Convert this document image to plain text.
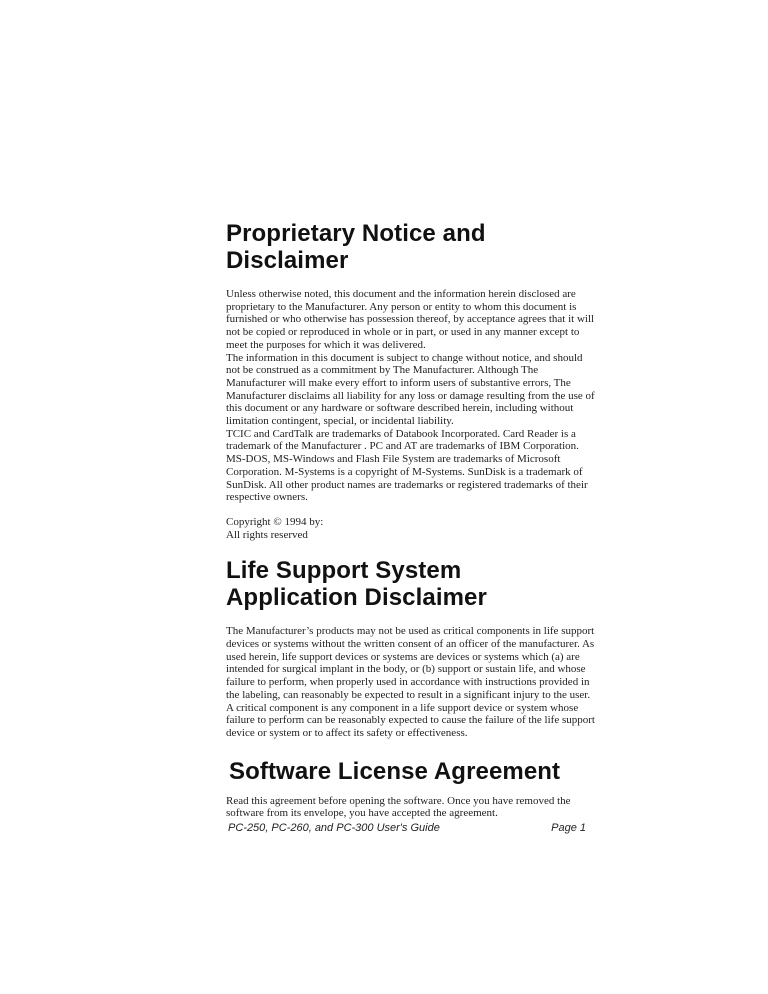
Proprietary Notice and Disclaimer

Unless otherwise noted, this document and the information herein disclosed are proprietary to the Manufacturer. Any person or entity to whom this document is furnished or who otherwise has possession thereof, by acceptance agrees that it will not be copied or reproduced in whole or in part, or used in any manner except to meet the purposes for which it was delivered.

The information in this document is subject to change without notice, and should not be construed as a commitment by The Manufacturer. Although The Manufacturer will make every effort to inform users of substantive errors, The Manufacturer disclaims all liability for any loss or damage resulting from the use of this document or any hardware or software described herein, including without limitation contingent, special, or incidental liability.

TCIC and CardTalk are trademarks of Databook Incorporated. Card Reader is a trademark of the Manufacturer . PC and AT are trademarks of IBM Corporation. MS-DOS, MS-Windows and Flash File System are trademarks of Microsoft Corporation. M-Systems is a copyright of M-Systems. SunDisk is a trademark of SunDisk. All other product names are trademarks or registered trademarks of their respective owners.

Copyright © 1994 by:

All rights reserved

Life Support System Application Disclaimer

The Manufacturer’s products may not be used as critical components in life support devices or systems without the written consent of an officer of the manufacturer. As used herein, life support devices or systems are devices or systems which (a) are intended for surgical implant in the body, or (b) support or sustain life, and whose failure to perform, when properly used in accordance with instructions provided in the labeling, can reasonably be expected to result in a significant injury to the user. A critical component is any component in a life support device or system whose failure to perform can be reasonably expected to cause the failure of the life support device or system or to affect its safety or effectiveness.

Software License Agreement

Read this agreement before opening the software. Once you have removed the software from its envelope, you have accepted the agreement.

PC-250, PC-260, and PC-300 User's Guide	Page 1
